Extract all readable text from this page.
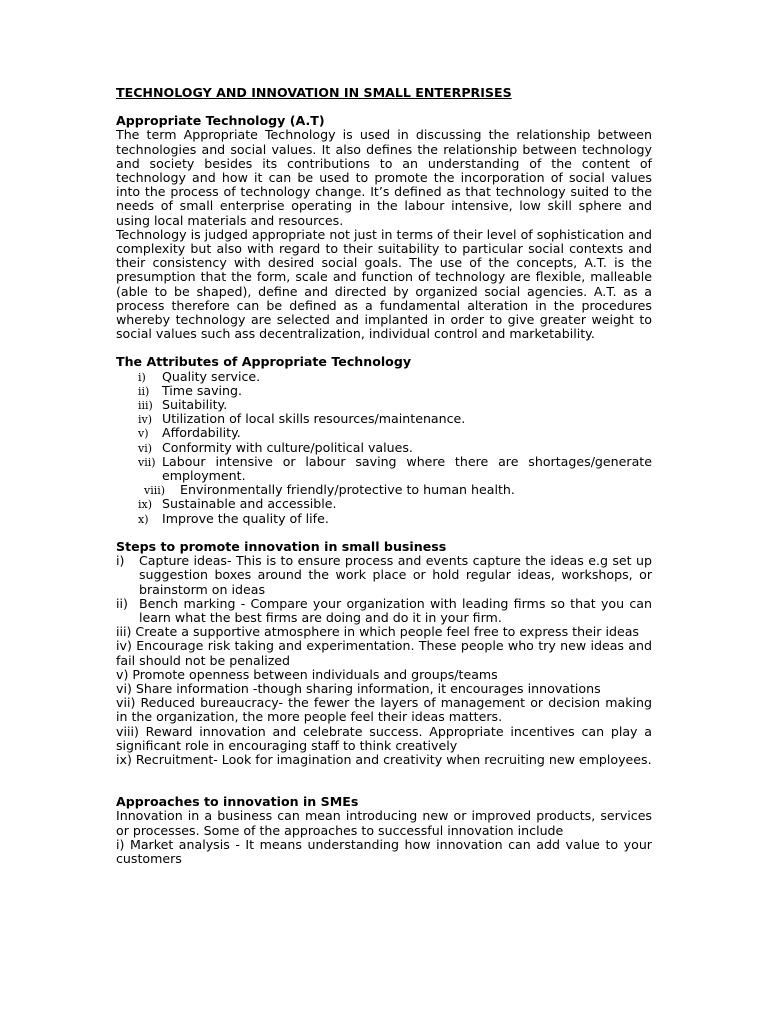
TECHNOLOGY AND INNOVATION IN SMALL ENTERPRISES
Appropriate Technology (A.T)

The term Appropriate Technology is used in discussing the relationship between technologies and social values. It also defines the relationship between technology and society besides its contributions to an understanding of the content of technology and how it can be used to promote the incorporation of social values into the process of technology change. It’s defined as that technology suited to the needs of small enterprise operating in the labour intensive, low skill sphere and using local materials and resources.

Technology is judged appropriate not just in terms of their level of sophistication and complexity but also with regard to their suitability to particular social contexts and their consistency with desired social goals. The use of the concepts, A.T. is the presumption that the form, scale and function of technology are flexible, malleable (able to be shaped), define and directed by organized social agencies. A.T. as a process therefore can be defined as a fundamental alteration in the procedures whereby technology are selected and implanted in order to give greater weight to social values such ass decentralization, individual control and marketability.

The Attributes of Appropriate Technology
i) Quality service.
ii) Time saving.
iii) Suitability.
iv) Utilization of local skills resources/maintenance.
v) Affordability.
vi) Conformity with culture/political values.
vii) Labour intensive or labour saving where there are shortages/generate employment.
viii) Environmentally friendly/protective to human health.
ix) Sustainable and accessible.
x) Improve the quality of life.
Steps to promote innovation in small business
i) Capture ideas- This is to ensure process and events capture the ideas e.g set up suggestion boxes around the work place or hold regular ideas, workshops, or brainstorm on ideas
ii) Bench marking - Compare your organization with leading firms so that you can learn what the best firms are doing and do it in your firm.

iii) Create a supportive atmosphere in which people feel free to express their ideas

iv) Encourage risk taking and experimentation. These people who try new ideas and fail should not be penalized

v) Promote openness between individuals and groups/teams

vi) Share information -though sharing information, it encourages innovations

vii) Reduced bureaucracy- the fewer the layers of management or decision making in the organization, the more people feel their ideas matters.

viii) Reward innovation and celebrate success. Appropriate incentives can play a significant role in encouraging staff to think creatively

ix) Recruitment- Look for imagination and creativity when recruiting new employees.

Approaches to innovation in SMEs

Innovation in a business can mean introducing new or improved products, services or processes. Some of the approaches to successful innovation include

i) Market analysis - It means understanding how innovation can add value to your customers
